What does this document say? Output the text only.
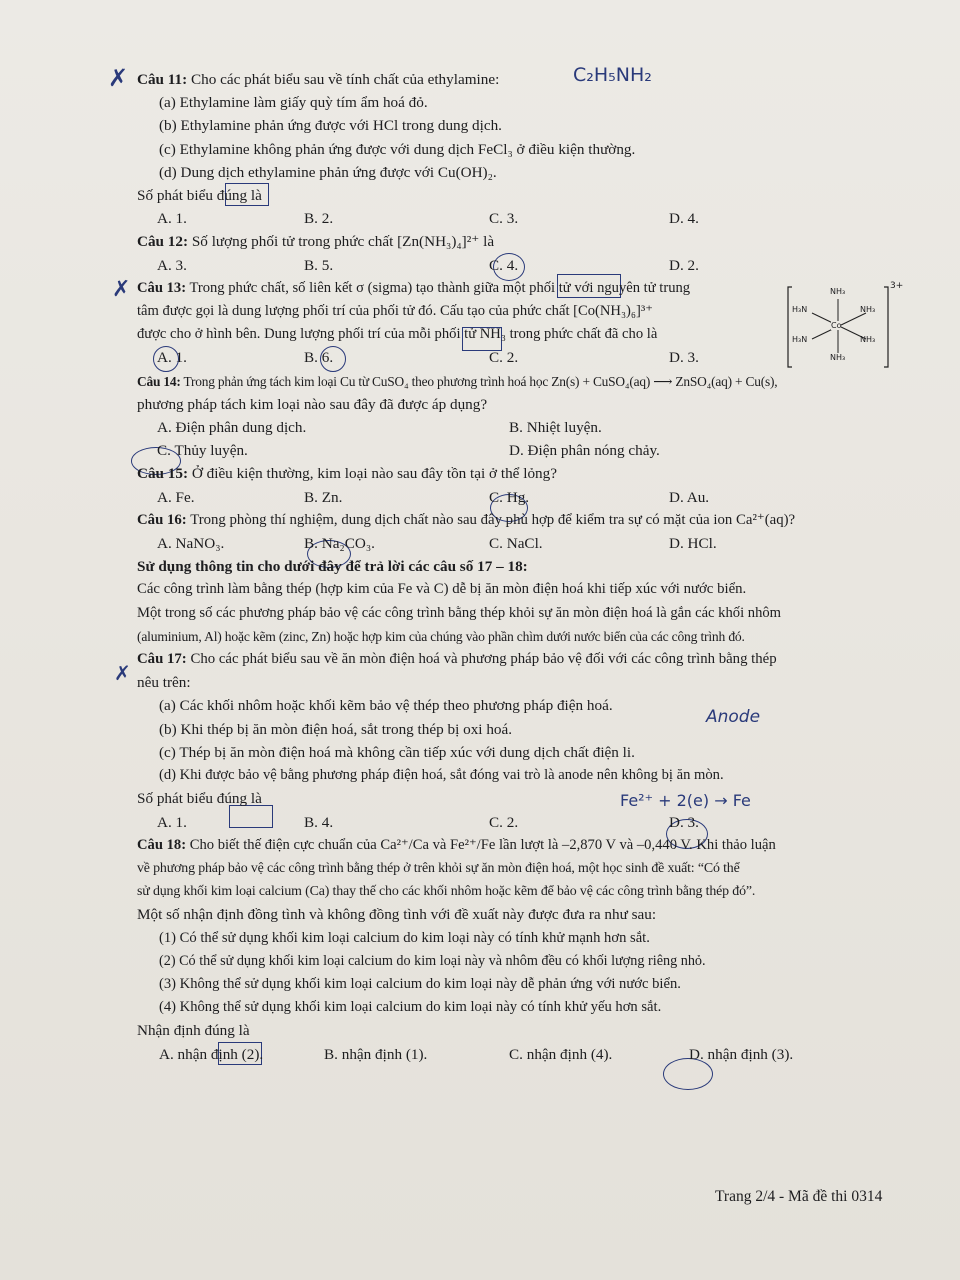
✗	C₂H₅NH₂
✗
✗
Anode
Fe²⁺ + 2(e) → Fe
Câu 11: Cho các phát biểu sau về tính chất của ethylamine:
(a) Ethylamine làm giấy quỳ tím ẩm hoá đỏ.
(b) Ethylamine phản ứng được với HCl trong dung dịch.
(c) Ethylamine không phản ứng được với dung dịch FeCl₃ ở điều kiện thường.
(d) Dung dịch ethylamine phản ứng được với Cu(OH)₂.
Số phát biểu đúng là
A. 1.	B. 2.	C. 3.	D. 4.
Câu 12: Số lượng phối tử trong phức chất [Zn(NH₃)₄]²⁺ là
A. 3.	B. 5.	C. 4.	D. 2.
Câu 13: Trong phức chất, số liên kết σ (sigma) tạo thành giữa một phối tử với nguyên tử trung
tâm được gọi là dung lượng phối trí của phối tử đó. Cấu tạo của phức chất [Co(NH₃)₆]³⁺
được cho ở hình bên. Dung lượng phối trí của mỗi phối tử NH₃ trong phức chất đã cho là
A. 1.	B. 6.	C. 2.	D. 3.
Câu 14: Trong phản ứng tách kim loại Cu từ CuSO₄ theo phương trình hoá học Zn(s) + CuSO₄(aq) ⟶ ZnSO₄(aq) + Cu(s),
phương pháp tách kim loại nào sau đây đã được áp dụng?
A. Điện phân dung dịch.	B. Nhiệt luyện.
C. Thủy luyện.	D. Điện phân nóng chảy.
Câu 15: Ở điều kiện thường, kim loại nào sau đây tồn tại ở thể lỏng?
A. Fe.	B. Zn.	C. Hg.	D. Au.
Câu 16: Trong phòng thí nghiệm, dung dịch chất nào sau đây phù hợp để kiểm tra sự có mặt của ion Ca²⁺(aq)?
A. NaNO₃.	B. Na₂CO₃.	C. NaCl.	D. HCl.
Sử dụng thông tin cho dưới đây để trả lời các câu số 17 – 18:
Các công trình làm bằng thép (hợp kim của Fe và C) dễ bị ăn mòn điện hoá khi tiếp xúc với nước biển.
Một trong số các phương pháp bảo vệ các công trình bằng thép khỏi sự ăn mòn điện hoá là gắn các khối nhôm
(aluminium, Al) hoặc kẽm (zinc, Zn) hoặc hợp kim của chúng vào phần chìm dưới nước biển của các công trình đó.
Câu 17: Cho các phát biểu sau về ăn mòn điện hoá và phương pháp bảo vệ đối với các công trình bằng thép
nêu trên:
(a) Các khối nhôm hoặc khối kẽm bảo vệ thép theo phương pháp điện hoá.
(b) Khi thép bị ăn mòn điện hoá, sắt trong thép bị oxi hoá.
(c) Thép bị ăn mòn điện hoá mà không cần tiếp xúc với dung dịch chất điện li.
(d) Khi được bảo vệ bằng phương pháp điện hoá, sắt đóng vai trò là anode nên không bị ăn mòn.
Số phát biểu đúng là
A. 1.	B. 4.	C. 2.	D. 3.
Câu 18: Cho biết thế điện cực chuẩn của Ca²⁺/Ca và Fe²⁺/Fe lần lượt là –2,870 V và –0,440 V. Khi thảo luận
về phương pháp bảo vệ các công trình bằng thép ở trên khỏi sự ăn mòn điện hoá, một học sinh đề xuất: “Có thể
sử dụng khối kim loại calcium (Ca) thay thế cho các khối nhôm hoặc kẽm để bảo vệ các công trình bằng thép đó”.
Một số nhận định đồng tình và không đồng tình với đề xuất này được đưa ra như sau:
(1) Có thể sử dụng khối kim loại calcium do kim loại này có tính khử mạnh hơn sắt.
(2) Có thể sử dụng khối kim loại calcium do kim loại này và nhôm đều có khối lượng riêng nhỏ.
(3) Không thể sử dụng khối kim loại calcium do kim loại này dễ phản ứng với nước biển.
(4) Không thể sử dụng khối kim loại calcium do kim loại này có tính khử yếu hơn sắt.
Nhận định đúng là
A. nhận định (2).	B. nhận định (1).	C. nhận định (4).	D. nhận định (3).
NH₃
NH₃
H₃N
H₃N
NH₃
NH₃
Co
3+
Trang 2/4 - Mã đề thi 0314
